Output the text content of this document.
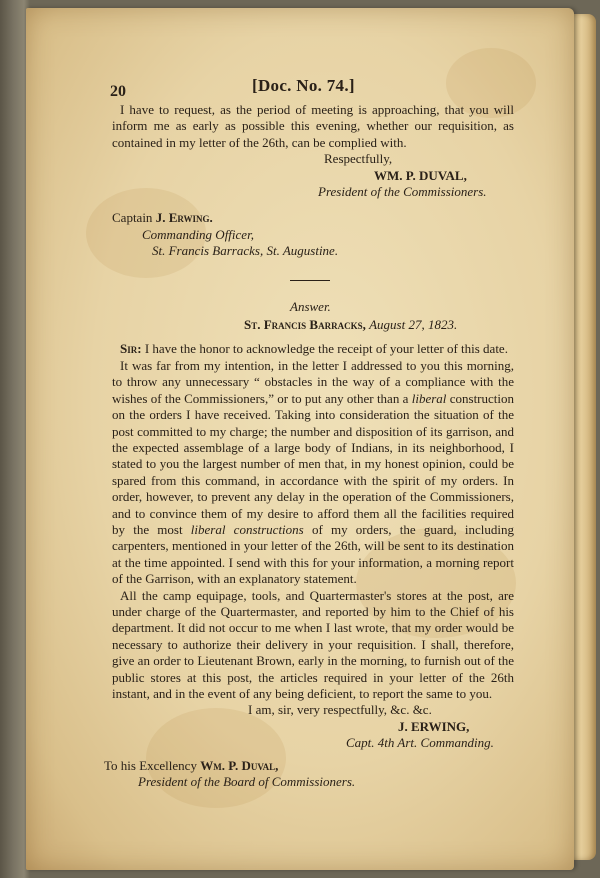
20	[Doc. No. 74.]

I have to request, as the period of meeting is approaching, that you will inform me as early as possible this evening, whether our requisition, as contained in my letter of the 26th, can be complied with.

Respectfully,
WM. P. DUVAL,
President of the Commissioners.
Captain J. Erwing.
Commanding Officer,
St. Francis Barracks, St. Augustine.

Answer.

St. Francis Barracks, August 27, 1823.

Sir: I have the honor to acknowledge the receipt of your letter of this date.

It was far from my intention, in the letter I addressed to you this morning, to throw any unnecessary “ obstacles in the way of a compliance with the wishes of the Commissioners,” or to put any other than a liberal construction on the orders I have received. Taking into consideration the situation of the post committed to my charge; the number and disposition of its garrison, and the expected assemblage of a large body of Indians, in its neighborhood, I stated to you the largest number of men that, in my honest opinion, could be spared from this command, in accordance with the spirit of my orders. In order, however, to prevent any delay in the operation of the Commissioners, and to convince them of my desire to afford them all the facilities required by the most liberal constructions of my orders, the guard, including carpenters, mentioned in your letter of the 26th, will be sent to its destination at the time appointed. I send with this for your information, a morning report of the Garrison, with an explanatory statement.

All the camp equipage, tools, and Quartermaster's stores at the post, are under charge of the Quartermaster, and reported by him to the Chief of his department. It did not occur to me when I last wrote, that my order would be necessary to authorize their delivery in your requisition. I shall, therefore, give an order to Lieutenant Brown, early in the morning, to furnish out of the public stores at this post, the articles required in your letter of the 26th instant, and in the event of any being deficient, to report the same to you.

I am, sir, very respectfully, &c. &c.
J. ERWING,
Capt. 4th Art. Commanding.
To his Excellency Wm. P. Duval,
President of the Board of Commissioners.
